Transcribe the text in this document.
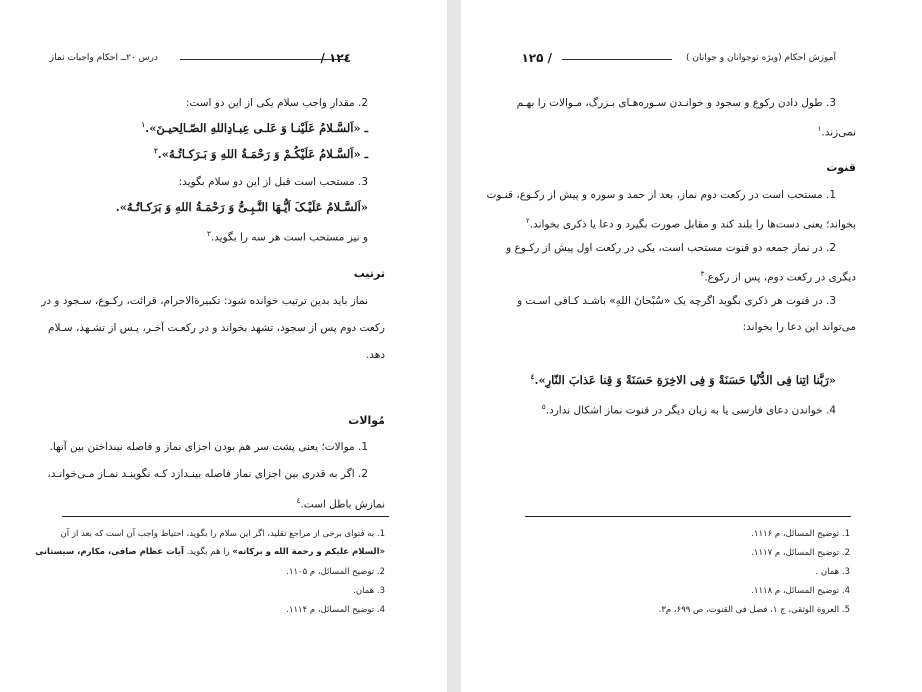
درس ٢٠ــ احکام واجبات نماز	١٢٤ /
2. مقدار واجب سلام یکی از این دو است:
ـ «اَلسَّـلامُ عَلَیْنـا وَ عَلـی عِبـادِاللهِ الصّـالِحیـنَ».$^١$
ـ «اَلسَّـلامُ عَلَیْکُـمْ وَ رَحْمَـةُ اللهِ وَ بَـرَکـاتُـهُ».$^٢$
3. مستحب است قبل از این دو سلام بگوید:
«اَلسَّـلامُ عَلَیْـکَ اَیُّـهَا النَّـبِـیُّ وَ رَحْمَـةُ اللهِ وَ بَرَکـاتُـهُ».
و نیز مستحب است هر سه را بگوید.$^٣$
ترتیب
نماز باید بدین ترتیب خوانده شود: تکبیرةالاحرام، قرائت، رکـوع، سـجود و در
رکعت دوم پس از سجود، تشهد بخواند و در رکعـت آخـر، پـس از تشـهد، سـلام
دهد.
مُوالات
1. موالات؛ یعنی پشت سر هم بودن اجزای نماز و فاصله نینداختن بین آنها.
2. اگر به قدری بین اجزای نماز فاصله بینـدازد کـه نگوینـد نمـاز مـی‌خوانـد،
نمازش باطل است.$^٤$
1. به فتوای برخی از مراجع تقلید، اگر این سلام را بگوید، احتیاط واجب آن است که بعد از آن
«السلام علیکم و رحمة الله و برکاته» را هم بگوید. آیات عظام صافی، مکارم، سیستانی
2. توضیح المسائل، م ١١٠۵.
3. همان.
4. توضیح المسائل، م ١١١۴.
آموزش احکام (ویژه نوجوانان و جوانان )
/ ١٢۵
3. طول دادن رکوع و سجود و خوانـدن سـوره‌هـای بـزرگ، مـوالات را بهـم
نمی‌زند.$^١$
قنوت
1. مستحب است در رکعت دوم نماز، بعد از حمد و سوره و پیش از رکـوع، قنـوت
بخواند؛ یعنی دست‌ها را بلند کند و مقابل صورت بگیرد و دعا یا ذکری بخواند.$^٢$
2. در نماز جمعه دو قنوت مستحب است، یکی در رکعت اول پیش از رکـوع و
دیگری در رکعت دوم، پس از رکوع.$^٣$
3. در قنوت هر ذکری بگوید اگرچه یک «سُبْحانَ اللهِ» باشـد کـافی اسـت و
می‌تواند این دعا را بخواند:
«رَبَّنا اتِنا فِی الدُّنْیا حَسَنَةً وَ فِی الاخِرَةِ حَسَنَةً وَ قِنا عَذابَ النّارِ».$^٤$
4. خواندن دعای فارسی یا به زبان دیگر در قنوت نماز اشکال ندارد.$^۵$
1. توضیح المسائل، م ١١١۶.
2. توضیح المسائل، م ١١١٧.
3. همان .
4. توضیح المسائل، م ١١١٨.
5. العروة الوثقی، ج ١، فصل فی القنوت، ص ۶٩٩، م٣.
